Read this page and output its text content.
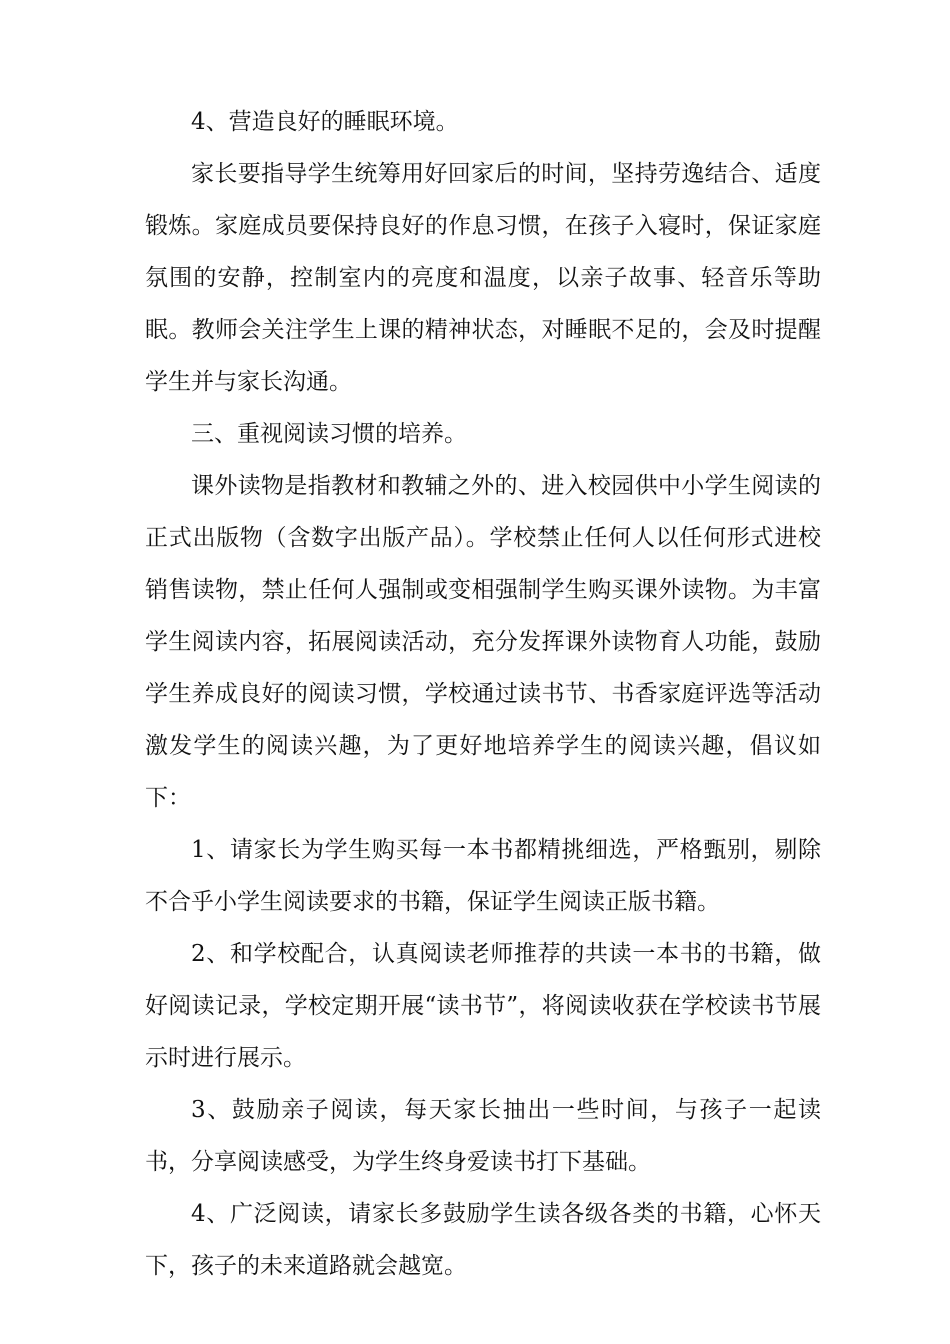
4、营造良好的睡眠环境。

家长要指导学生统筹用好回家后的时间，坚持劳逸结合、适度锻炼。家庭成员要保持良好的作息习惯，在孩子入寝时，保证家庭氛围的安静，控制室内的亮度和温度，以亲子故事、轻音乐等助眠。教师会关注学生上课的精神状态，对睡眠不足的，会及时提醒学生并与家长沟通。

三、重视阅读习惯的培养。

课外读物是指教材和教辅之外的、进入校园供中小学生阅读的正式出版物（含数字出版产品）。学校禁止任何人以任何形式进校销售读物，禁止任何人强制或变相强制学生购买课外读物。为丰富学生阅读内容，拓展阅读活动，充分发挥课外读物育人功能，鼓励学生养成良好的阅读习惯，学校通过读书节、书香家庭评选等活动激发学生的阅读兴趣，为了更好地培养学生的阅读兴趣，倡议如下：

1、请家长为学生购买每一本书都精挑细选，严格甄别，剔除不合乎小学生阅读要求的书籍，保证学生阅读正版书籍。

2、和学校配合，认真阅读老师推荐的共读一本书的书籍，做好阅读记录，学校定期开展“读书节”，将阅读收获在学校读书节展示时进行展示。

3、鼓励亲子阅读，每天家长抽出一些时间，与孩子一起读书，分享阅读感受，为学生终身爱读书打下基础。

4、广泛阅读，请家长多鼓励学生读各级各类的书籍，心怀天下，孩子的未来道路就会越宽。
